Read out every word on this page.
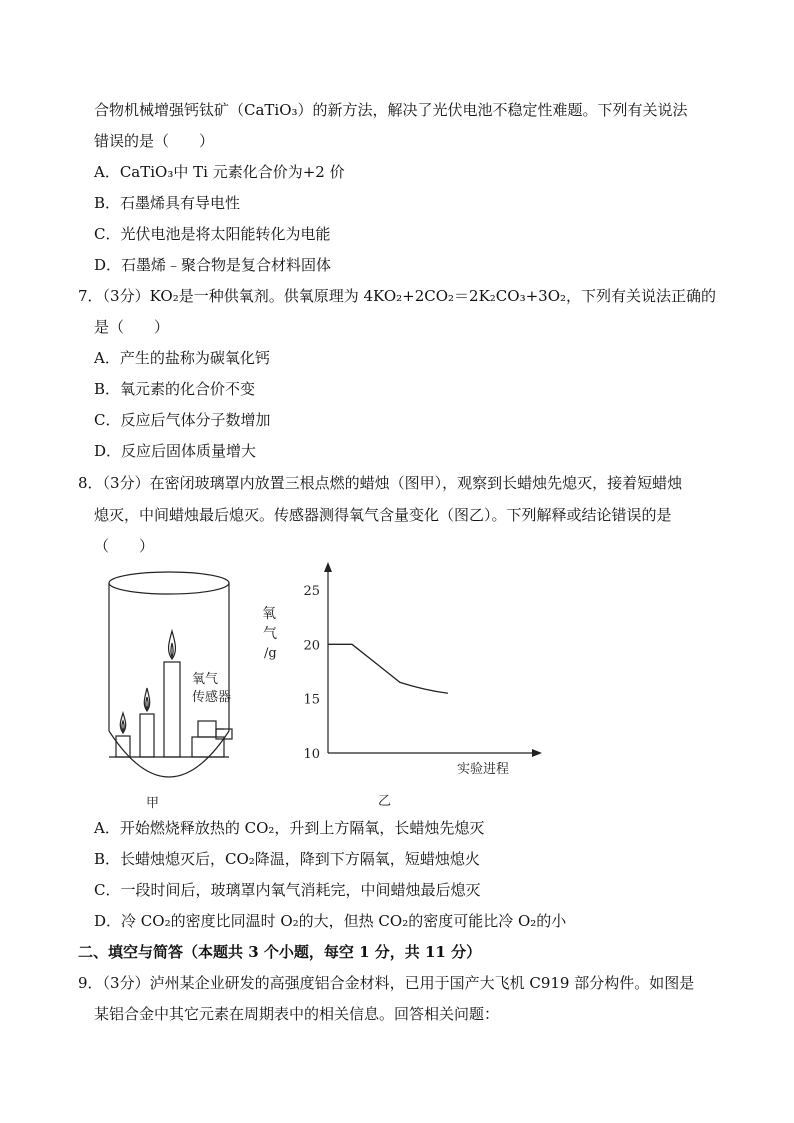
合物机械增强钙钛矿（CaTiO₃）的新方法，解决了光伏电池不稳定性难题。下列有关说法
错误的是（　　）
A．CaTiO₃中 Ti 元素化合价为+2 价
B．石墨烯具有导电性
C．光伏电池是将太阳能转化为电能
D．石墨烯﹣聚合物是复合材料固体
7．（3分）KO₂是一种供氧剂。供氧原理为 4KO₂+2CO₂＝2K₂CO₃+3O₂，下列有关说法正确的
是（　　）
A．产生的盐称为碳氧化钙
B．氧元素的化合价不变
C．反应后气体分子数增加
D．反应后固体质量增大
8．（3分）在密闭玻璃罩内放置三根点燃的蜡烛（图甲），观察到长蜡烛先熄灭，接着短蜡烛
熄灭，中间蜡烛最后熄灭。传感器测得氧气含量变化（图乙）。下列解释或结论错误的是
（　　）
氧气
传感器
甲
25
20
15
10
氧
气
/g
实验进程
乙
A．开始燃烧释放热的 CO₂，升到上方隔氧，长蜡烛先熄灭
B．长蜡烛熄灭后，CO₂降温，降到下方隔氧，短蜡烛熄火
C．一段时间后，玻璃罩内氧气消耗完，中间蜡烛最后熄灭
D．冷 CO₂的密度比同温时 O₂的大，但热 CO₂的密度可能比冷 O₂的小
二、填空与简答（本题共 3 个小题，每空 1 分，共 11 分）
9．（3分）泸州某企业研发的高强度铝合金材料，已用于国产大飞机 C919 部分构件。如图是
某铝合金中其它元素在周期表中的相关信息。回答相关问题：
